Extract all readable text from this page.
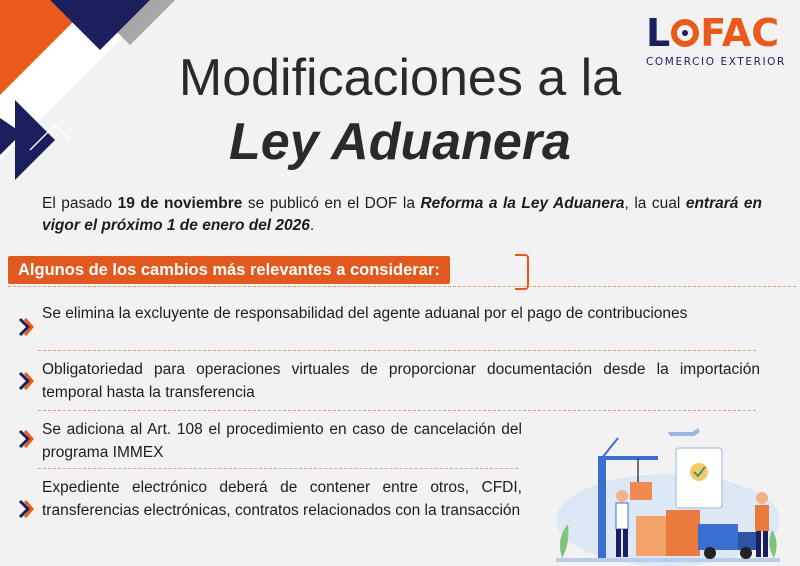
L FAC
COMERCIO EXTERIOR
Modificaciones a la
Ley Aduanera
El pasado 19 de noviembre se publicó en el DOF la Reforma a la Ley Aduanera, la cual entrará en vigor el próximo 1 de enero del 2026.
Algunos de los cambios más relevantes a considerar:
Se elimina la excluyente de responsabilidad del agente aduanal por el pago de contribuciones
Obligatoriedad para operaciones virtuales de proporcionar documentación desde la importación temporal hasta la transferencia
Se adiciona al Art. 108 el procedimiento en caso de cancelación del programa IMMEX
Expediente electrónico deberá de contener entre otros, CFDI, transferencias electrónicas, contratos relacionados con la transacción
